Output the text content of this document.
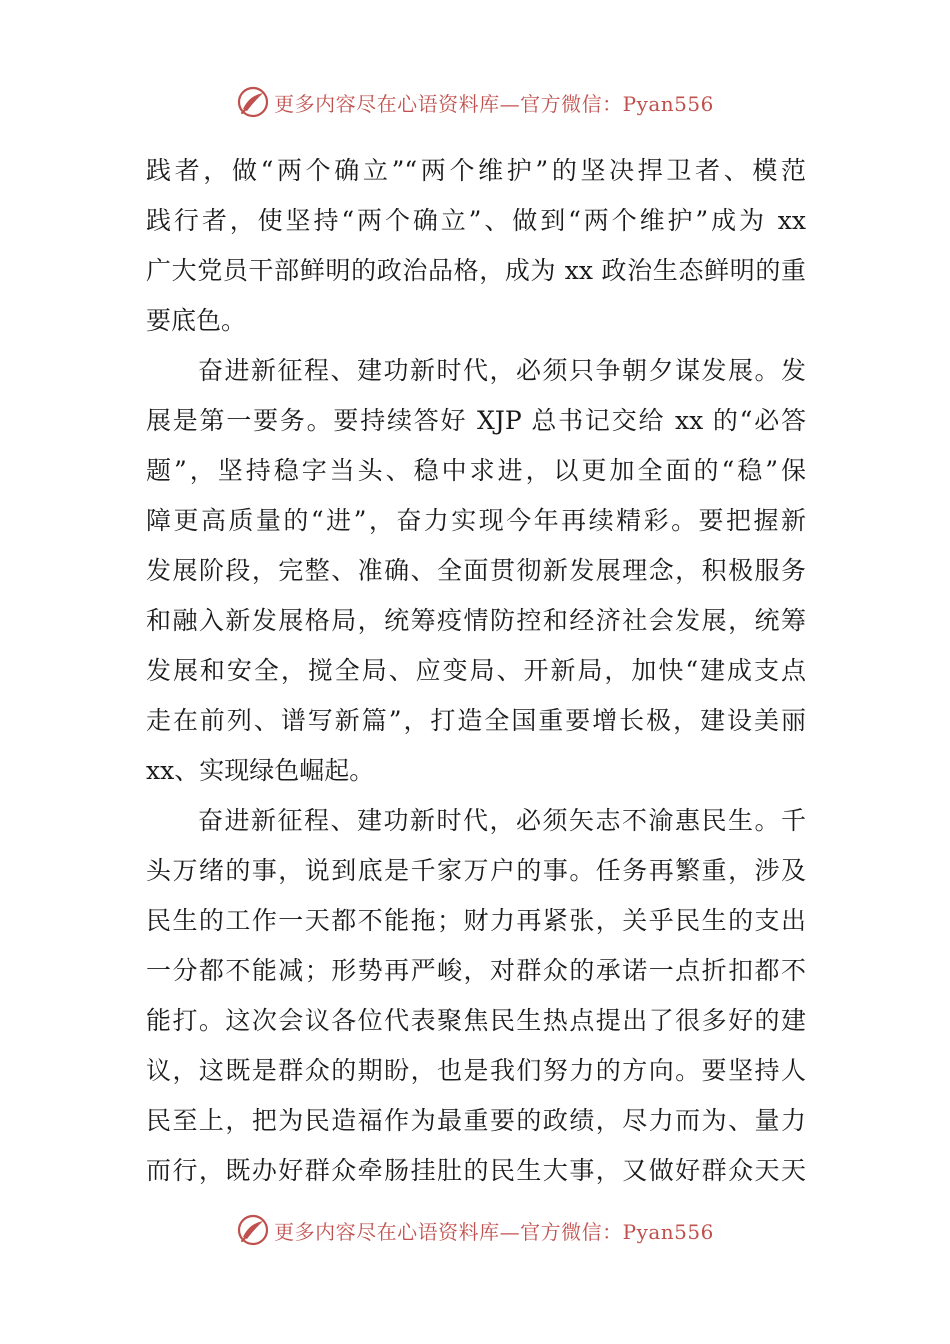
更多内容尽在心语资料库—官方微信：Pyan556
践者，做“两个确立”“两个维护”的坚决捍卫者、模范
践行者，使坚持“两个确立”、做到“两个维护”成为 xx
广大党员干部鲜明的政治品格，成为 xx 政治生态鲜明的重
要底色。
奋进新征程、建功新时代，必须只争朝夕谋发展。发
展是第一要务。要持续答好 XJP 总书记交给 xx 的“必答
题”，坚持稳字当头、稳中求进，以更加全面的“稳”保
障更高质量的“进”，奋力实现今年再续精彩。要把握新
发展阶段，完整、准确、全面贯彻新发展理念，积极服务
和融入新发展格局，统筹疫情防控和经济社会发展，统筹
发展和安全，搅全局、应变局、开新局，加快“建成支点
走在前列、谱写新篇”，打造全国重要增长极，建设美丽
xx、实现绿色崛起。
奋进新征程、建功新时代，必须矢志不渝惠民生。千
头万绪的事，说到底是千家万户的事。任务再繁重，涉及
民生的工作一天都不能拖；财力再紧张，关乎民生的支出
一分都不能减；形势再严峻，对群众的承诺一点折扣都不
能打。这次会议各位代表聚焦民生热点提出了很多好的建
议，这既是群众的期盼，也是我们努力的方向。要坚持人
民至上，把为民造福作为最重要的政绩，尽力而为、量力
而行，既办好群众牵肠挂肚的民生大事，又做好群众天天
更多内容尽在心语资料库—官方微信：Pyan556
